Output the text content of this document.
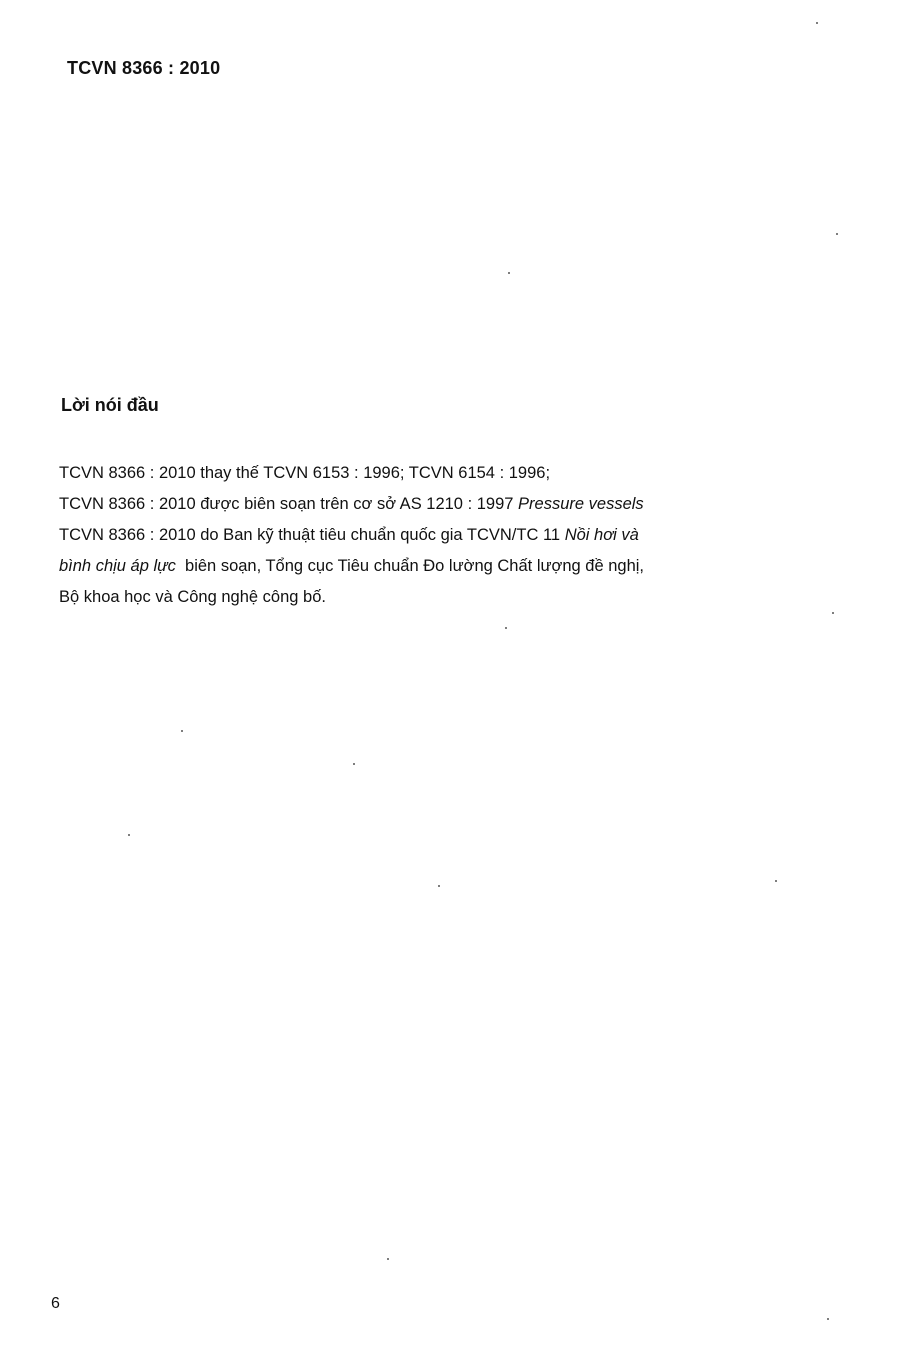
TCVN 8366 : 2010
Lời nói đầu
TCVN 8366 : 2010 thay thế TCVN 6153 : 1996; TCVN 6154 : 1996;
TCVN 8366 : 2010 được biên soạn trên cơ sở AS 1210 : 1997 Pressure vessels
TCVN 8366 : 2010 do Ban kỹ thuật tiêu chuẩn quốc gia TCVN/TC 11 Nồi hơi và
bình chịu áp lực  biên soạn, Tổng cục Tiêu chuẩn Đo lường Chất lượng đề nghị,
Bộ khoa học và Công nghệ công bố.
6
